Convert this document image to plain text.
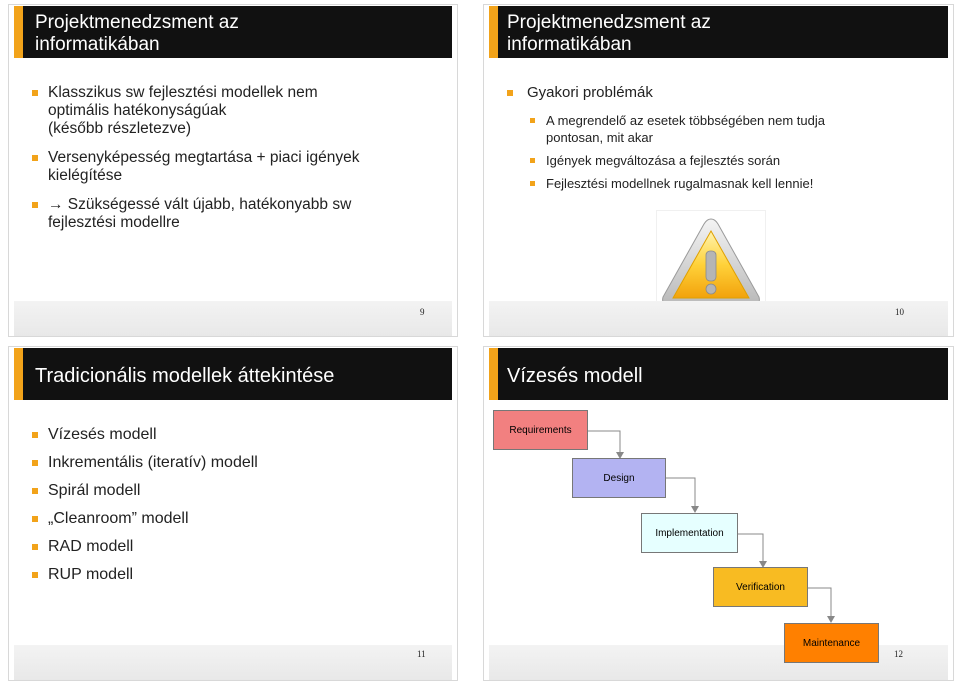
Projektmenedzsment az
informatikában
Klasszikus sw fejlesztési modellek nem
optimális hatékonyságúak
(később részletezve)
Versenyképesség megtartása + piaci igények
kielégítése
→ Szükségessé vált újabb, hatékonyabb sw
fejlesztési modellre
9
Projektmenedzsment az
informatikában
Gyakori problémák
A megrendelő az esetek többségében nem tudja
pontosan, mit akar
Igények megváltozása a fejlesztés során
Fejlesztési modellnek rugalmasnak kell lennie!
10
Tradicionális modellek áttekintése
Vízesés modell
Inkrementális (iteratív) modell
Spirál modell
„Cleanroom” modell
RAD modell
RUP modell
11
Vízesés modell
Requirements
Design
Implementation
Verification
Maintenance
12
